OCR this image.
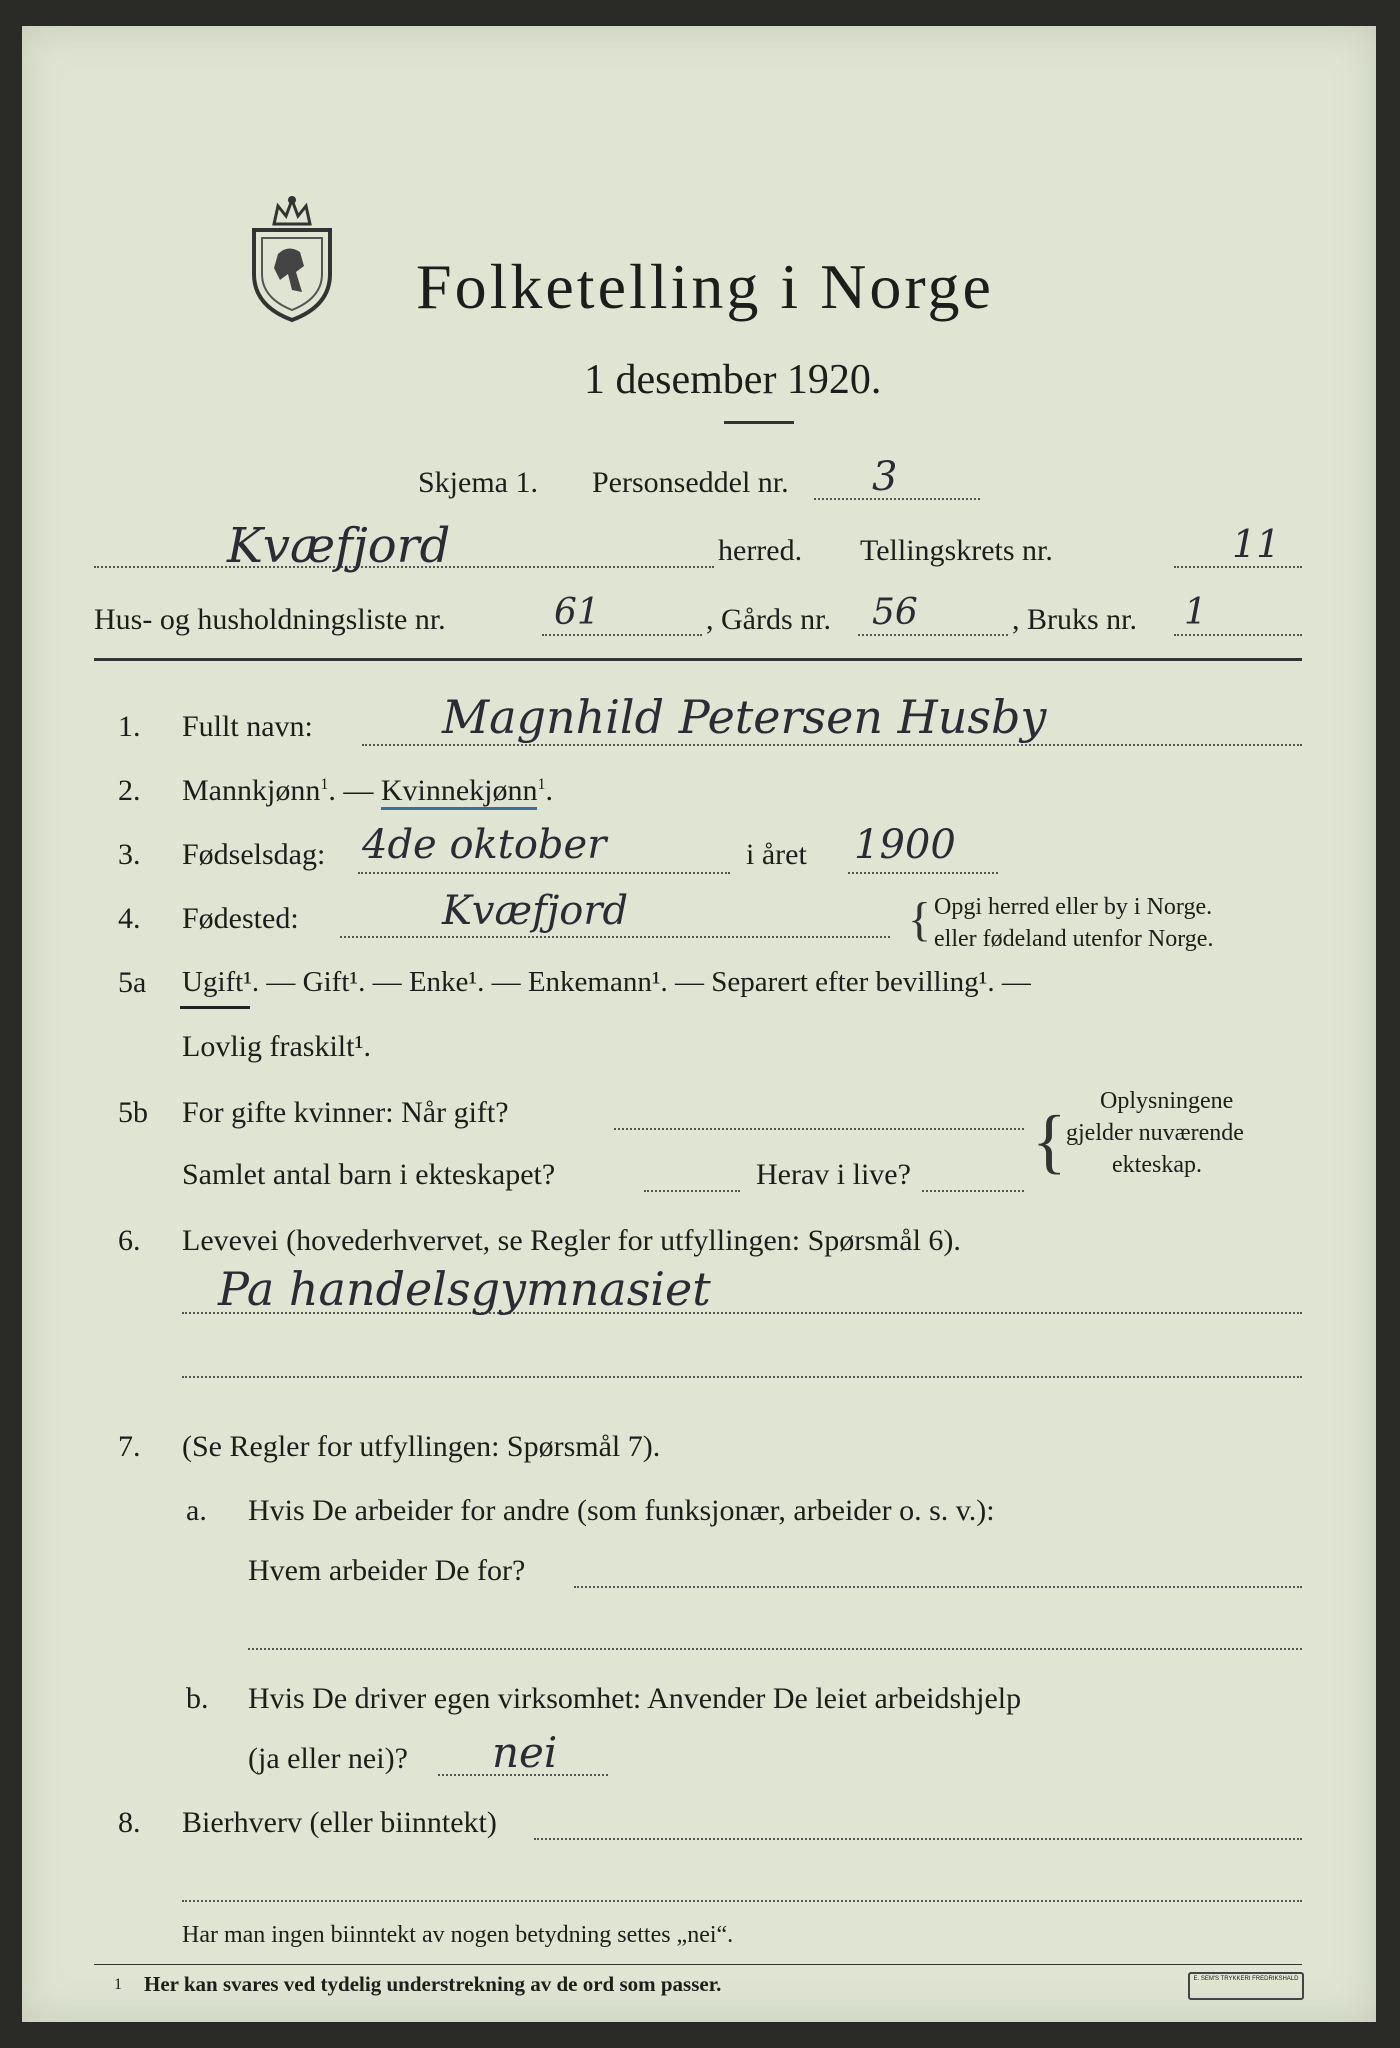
Folketelling i Norge
1 desember 1920.
Skjema 1. Personseddel nr. 3
Kvæfjord	herred. Tellingskrets nr.	11
Hus- og husholdningsliste nr.	61	, Gårds nr. 56	, Bruks nr. 1
1. Fullt navn:	Magnhild Petersen Husby
2. Mannkjønn$^1$. — Kvinnekjønn$^1$.
3. Fødselsdag: 4de oktober	i året 1900
4. Fødested:	Kvæfjord	{ Opgi herred eller by i Norge.
eller fødeland utenfor Norge.
5a Ugift¹. — Gift¹. — Enke¹. — Enkemann¹. — Separert efter bevilling¹. —
Lovlig fraskilt¹.
5b For gifte kvinner: Når gift?
Samlet antal barn i ekteskapet?	Herav i live? { Oplysningene
gjelder nuværende
ekteskap.
6. Levevei (hovederhvervet, se Regler for utfyllingen: Spørsmål 6).
Pa handelsgymnasiet
7. (Se Regler for utfyllingen: Spørsmål 7).
a. Hvis De arbeider for andre (som funksjonær, arbeider o. s. v.):
Hvem arbeider De for?
b. Hvis De driver egen virksomhet: Anvender De leiet arbeidshjelp
(ja eller nei)? nei
8. Bierhverv (eller biinntekt)
Har man ingen biinntekt av nogen betydning settes „nei“.
1 Her kan svares ved tydelig understrekning av de ord som passer.	E. SEM'S TRYKKERI FREDRIKSHALD
